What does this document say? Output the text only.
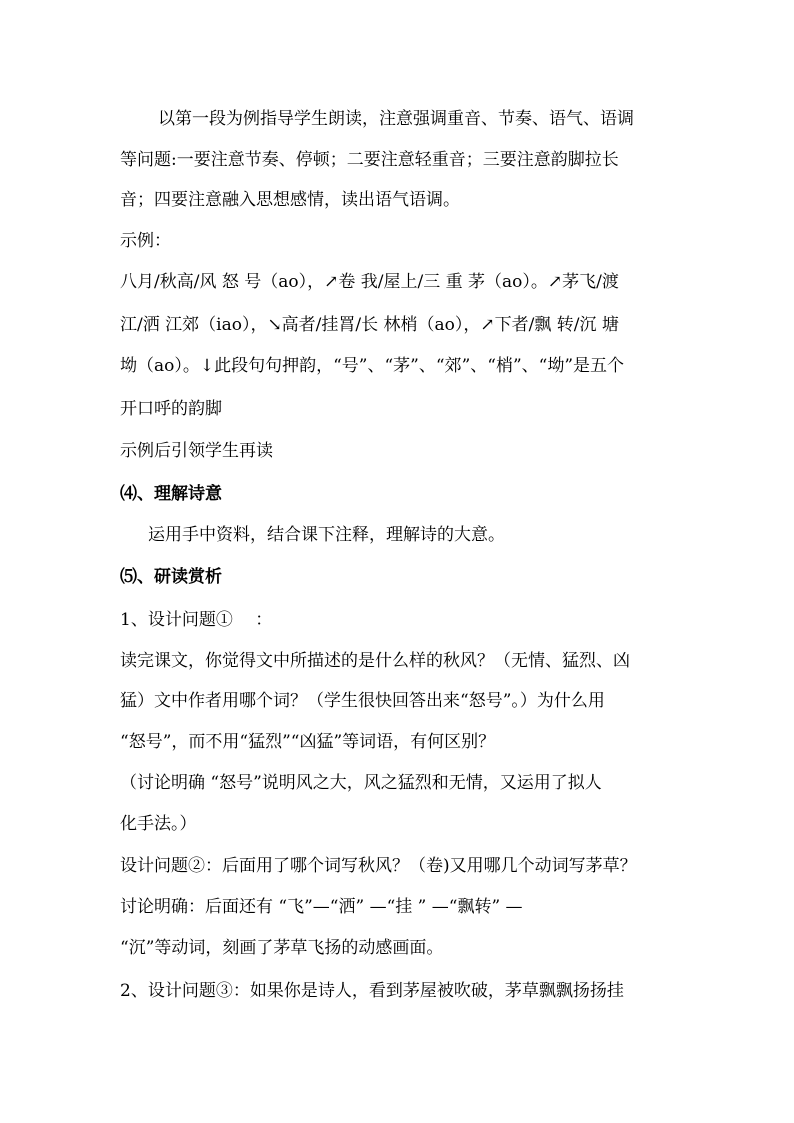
以第一段为例指导学生朗读，注意强调重音、节奏、语气、语调
等问题:一要注意节奏、停顿；二要注意轻重音；三要注意韵脚拉长
音；四要注意融入思想感情，读出语气语调。
示例：
八月/秋高/风 怒 号（ao），↗卷 我/屋上/三 重 茅（ao）。↗茅飞/渡
江/洒 江郊（iao），↘高者/挂罥/长 林梢（ao），↗下者/飘 转/沉 塘
坳（ao）。↓此段句句押韵，“号”、“茅”、“郊”、“梢”、“坳”是五个
开口呼的韵脚
示例后引领学生再读
⑷、理解诗意
运用手中资料，结合课下注释，理解诗的大意。
⑸、研读赏析
1、设计问题①　 ：
读完课文，你觉得文中所描述的是什么样的秋风？（无情、猛烈、凶
猛）文中作者用哪个词？（学生很快回答出来“怒号”。）为什么用
“怒号”，而不用“猛烈”“凶猛”等词语，有何区别？
（讨论明确 “怒号”说明风之大，风之猛烈和无情，又运用了拟人
化手法。）
设计问题②：后面用了哪个词写秋风？（卷)又用哪几个动词写茅草？
讨论明确：后面还有 “飞”—“洒” —“挂 ” —“飘转” —
“沉”等动词，刻画了茅草飞扬的动感画面。
2、设计问题③：如果你是诗人，看到茅屋被吹破，茅草飘飘扬扬挂
